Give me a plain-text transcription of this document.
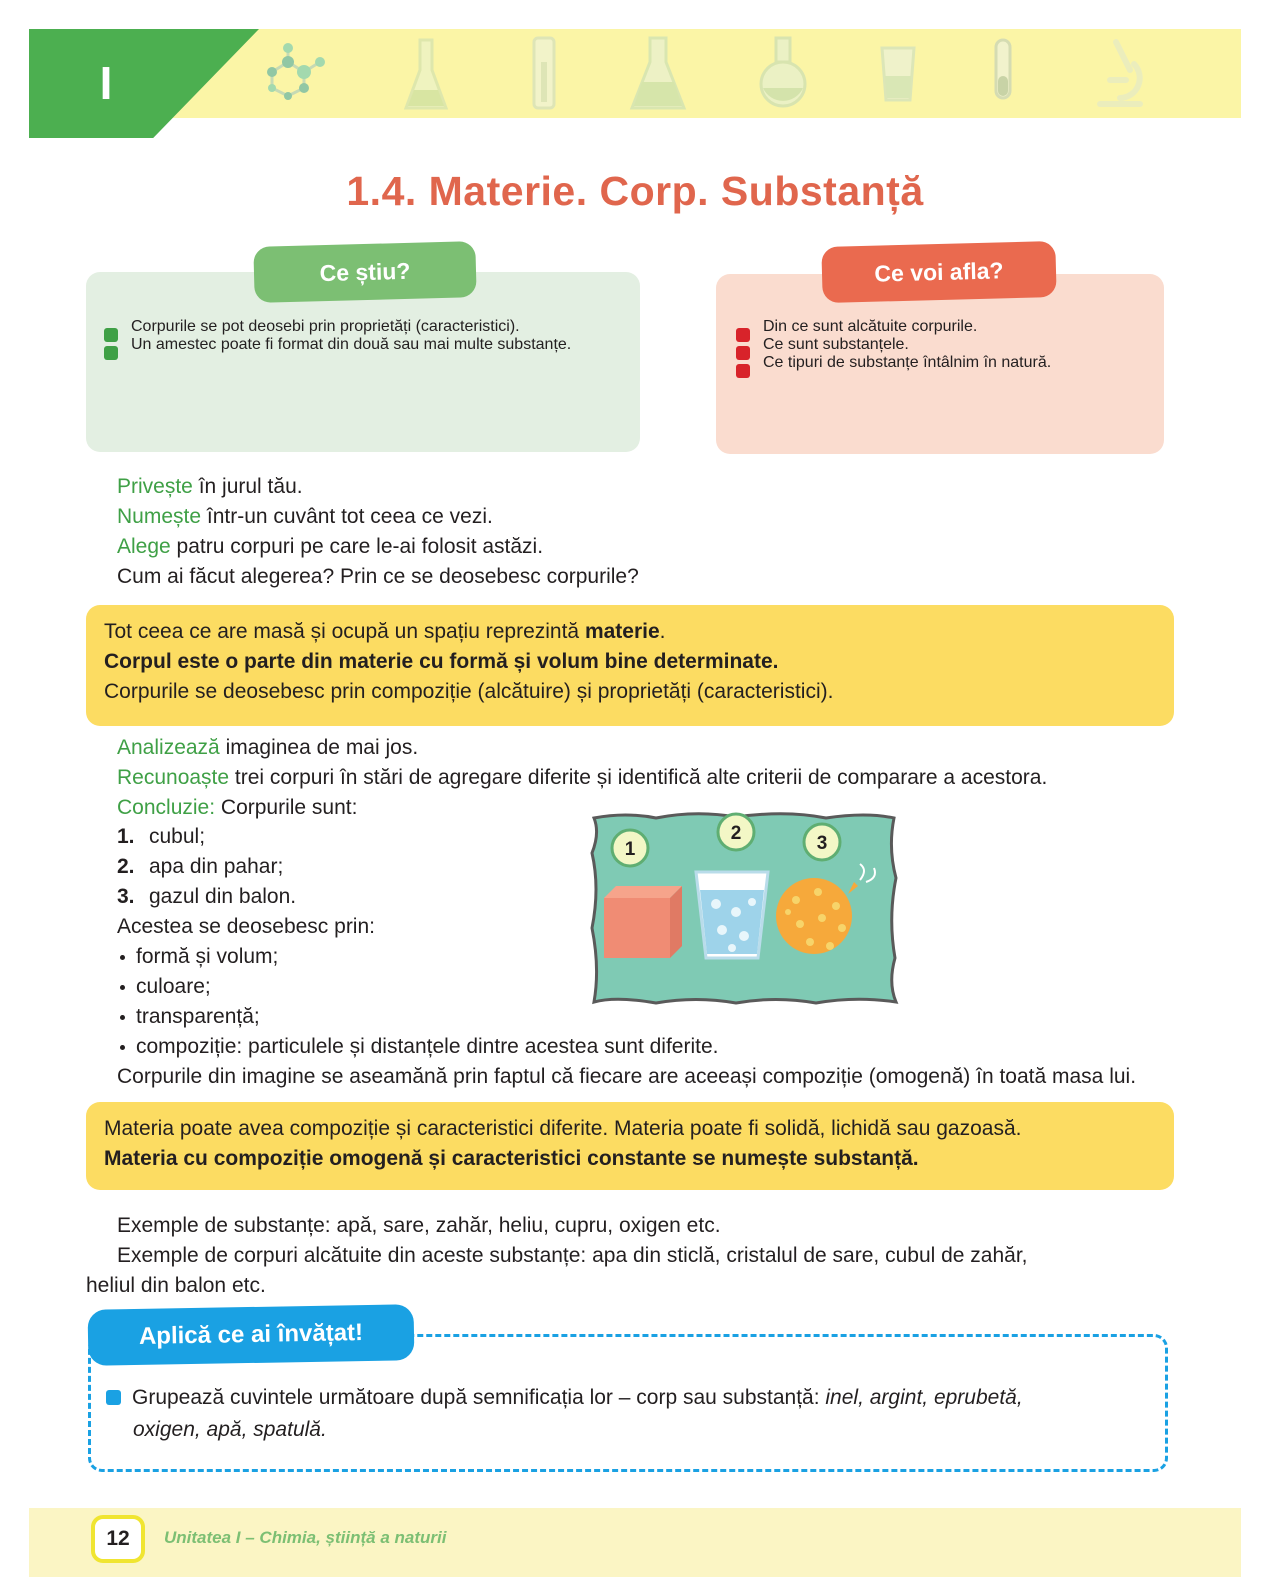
I
1.4. Materie. Corp. Substanță
Ce știu?
Corpurile se pot deosebi prin proprietăți (caracteristici).
Un amestec poate fi format din două sau mai multe substanțe.
Ce voi afla?
Din ce sunt alcătuite corpurile.
Ce sunt substanțele.
Ce tipuri de substanțe întâlnim în natură.
Privește în jurul tău.
Numește într-un cuvânt tot ceea ce vezi.
Alege patru corpuri pe care le-ai folosit astăzi.
Cum ai făcut alegerea? Prin ce se deosebesc corpurile?
Tot ceea ce are masă și ocupă un spațiu reprezintă materie.
Corpul este o parte din materie cu formă și volum bine determinate.
Corpurile se deosebesc prin compoziție (alcătuire) și proprietăți (caracteristici).
Analizează imaginea de mai jos.
Recunoaște trei corpuri în stări de agregare diferite și identifică alte criterii de comparare a acestora.
Concluzie: Corpurile sunt:
1. cubul;
2. apa din pahar;
3. gazul din balon.
Acestea se deosebesc prin:
formă și volum;
culoare;
transparență;
compoziție: particulele și distanțele dintre acestea sunt diferite.
Corpurile din imagine se aseamănă prin faptul că fiecare are aceeași compoziție (omogenă) în toată masa lui.
1
2	3
Materia poate avea compoziție și caracteristici diferite. Materia poate fi solidă, lichidă sau gazoasă.
Materia cu compoziție omogenă și caracteristici constante se numește substanță.
Exemple de substanțe: apă, sare, zahăr, heliu, cupru, oxigen etc.
Exemple de corpuri alcătuite din aceste substanțe: apa din sticlă, cristalul de sare, cubul de zahăr,
heliul din balon etc.
Aplică ce ai învățat!
Grupează cuvintele următoare după semnificația lor – corp sau substanță: inel, argint, eprubetă,
oxigen, apă, spatulă.
12	Unitatea I – Chimia, știință a naturii
